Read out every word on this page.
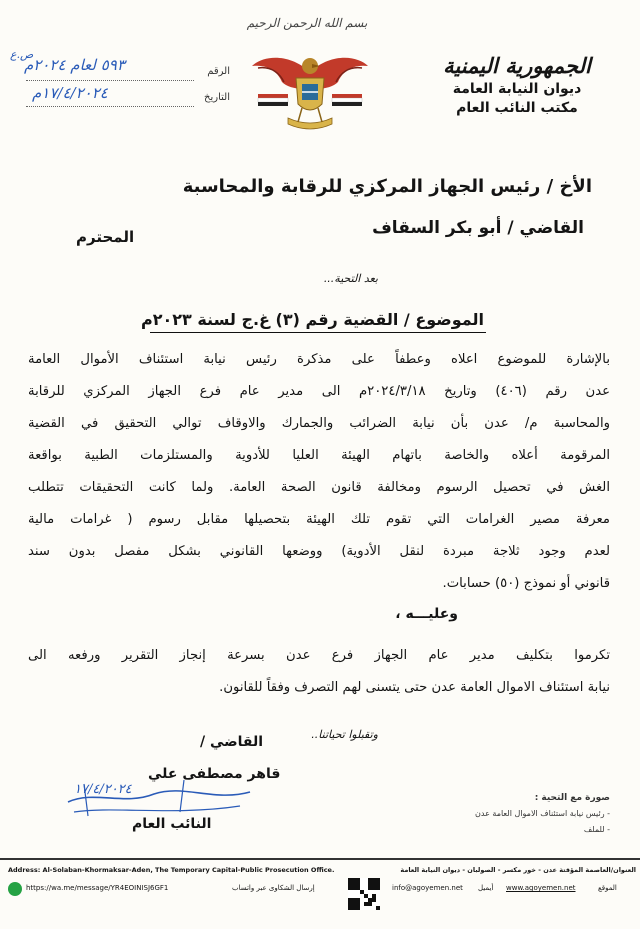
بسم الله الرحمن الرحيم
الجمهورية اليمنية
ديوان النيابة العامة
مكتب النائب العام
الرقم
٥٩٣ لعام ٢٠٢٤م
ص.ع
التاريخ
١٧/٤/٢٠٢٤م
الأخ / رئيس الجهاز المركزي للرقابة والمحاسبة
القاضي / أبو بكر السقاف
المحترم
بعد التحية...
الموضوع / القضية رقم (٣) غ.ج لسنة ٢٠٢٣م
بالإشارة للموضوع اعلاه وعطفاً على مذكرة رئيس نيابة استئناف الأموال العامة
عدن رقم (٤٠٦) وتاريخ ٢٠٢٤/٣/١٨م الى مدير عام فرع الجهاز المركزي للرقابة
والمحاسبة م/ عدن بأن نيابة الضرائب والجمارك والاوقاف توالي التحقيق في القضية
المرقومة أعلاه والخاصة باتهام الهيئة العليا للأدوية والمستلزمات الطبية بواقعة
الغش في تحصيل الرسوم ومخالفة قانون الصحة العامة. ولما كانت التحقيقات تتطلب
معرفة مصير الغرامات التي تقوم تلك الهيئة بتحصيلها مقابل رسوم ( غرامات مالية
لعدم وجود ثلاجة مبردة لنقل الأدوية) ووضعها القانوني بشكل مفصل بدون سند
قانوني أو نموذج (٥٠) حسابات.
وعليـــه ،
تكرموا بتكليف مدير عام الجهاز فرع عدن بسرعة إنجاز التقرير ورفعه الى
نيابة استئناف الاموال العامة عدن حتى يتسنى لهم التصرف وفقاً للقانون.
وتقبلوا تحياتنا..
القاضي /
قاهر مصطفى علي
١٧/٤/٢٠٢٤
النائب العام
صورة مع التحية :
- رئيس نيابة استئناف الاموال العامة عدن
- للملف
Address: Al-Solaban-Khormaksar-Aden, The Temporary Capital-Public Prosecution Office.	العنوان/العاصمة المؤقتة عدن - خور مكسر - الصولبان - ديوان النيابة العامة
https://wa.me/message/YR4EOINISJ6GF1	إرسال الشكاوى عبر واتساب	info@agoyemen.net أيميل www.agoyemen.net	الموقع
